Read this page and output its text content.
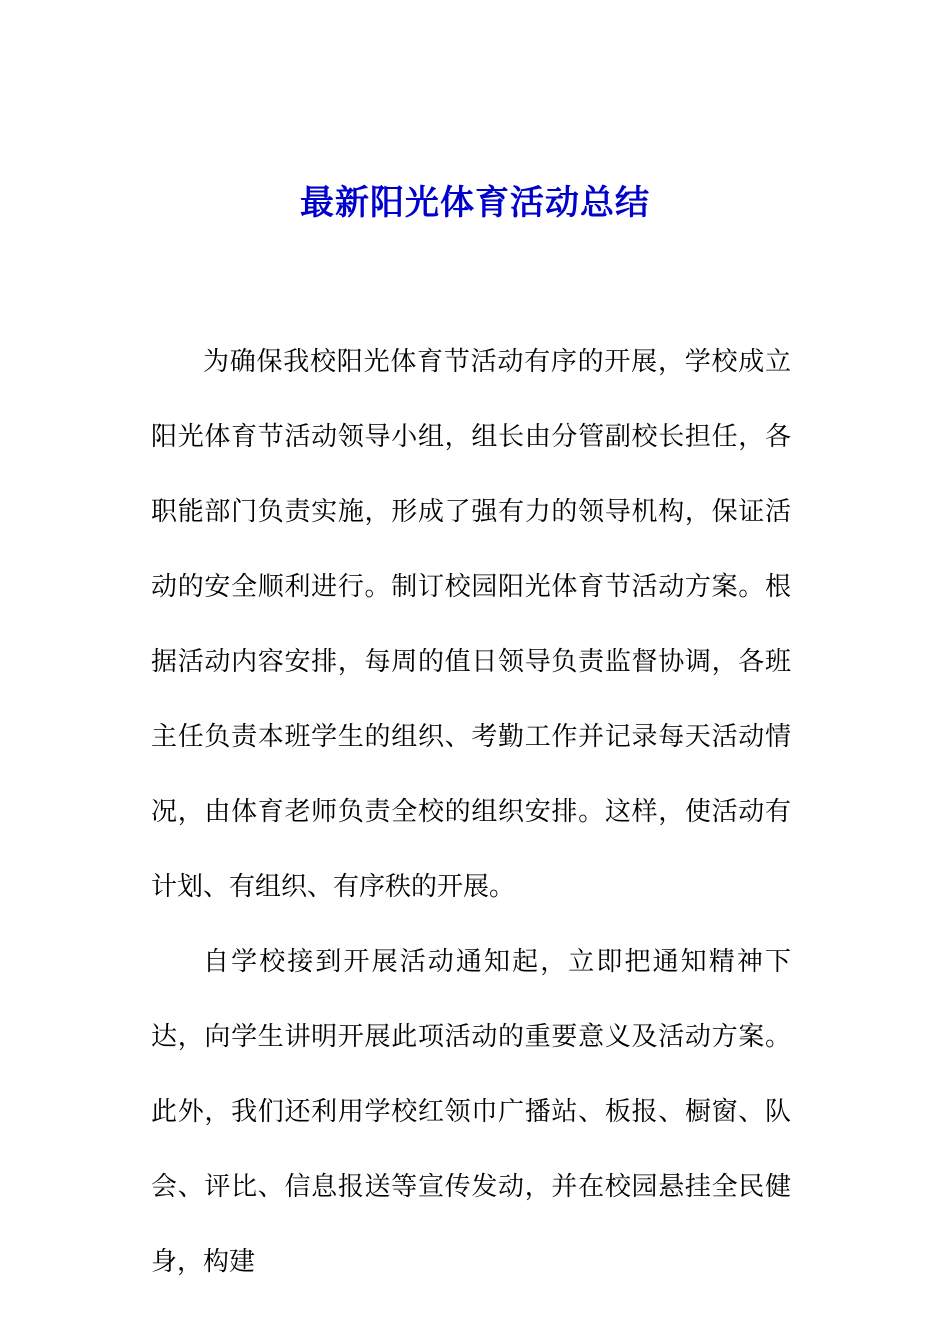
最新阳光体育活动总结

为确保我校阳光体育节活动有序的开展，学校成立阳光体育节活动领导小组，组长由分管副校长担任，各职能部门负责实施，形成了强有力的领导机构，保证活动的安全顺利进行。制订校园阳光体育节活动方案。根据活动内容安排，每周的值日领导负责监督协调，各班主任负责本班学生的组织、考勤工作并记录每天活动情况，由体育老师负责全校的组织安排。这样，使活动有计划、有组织、有序秩的开展。

自学校接到开展活动通知起，立即把通知精神下达，向学生讲明开展此项活动的重要意义及活动方案。此外，我们还利用学校红领巾广播站、板报、橱窗、队会、评比、信息报送等宣传发动，并在校园悬挂全民健身，构建
